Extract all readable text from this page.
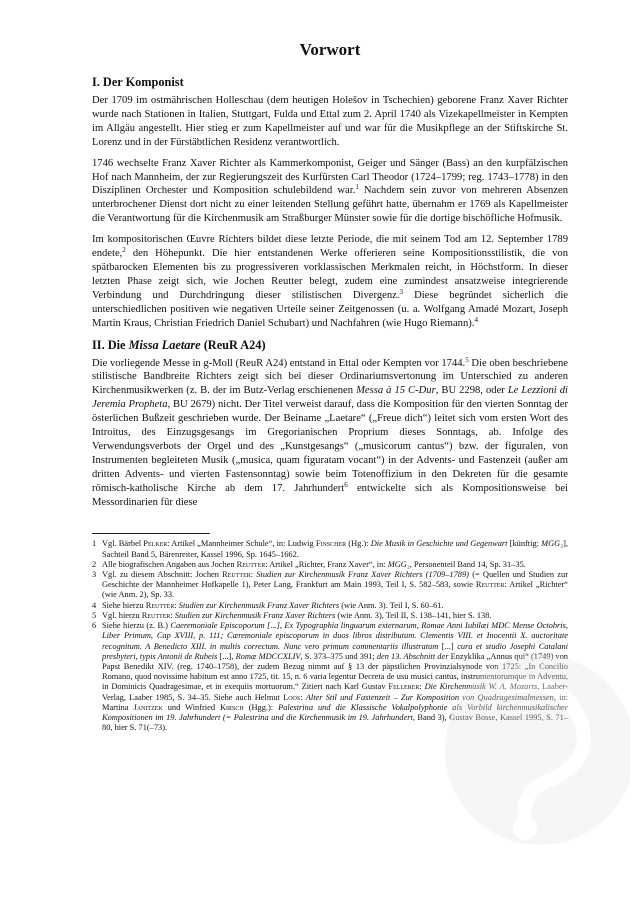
Vorwort
I. Der Komponist

Der 1709 im ostmährischen Holleschau (dem heutigen Holešov in Tschechien) geborene Franz Xaver Richter wurde nach Stationen in Italien, Stuttgart, Fulda und Ettal zum 2. April 1740 als Vizekapellmeister in Kempten im Allgäu angestellt. Hier stieg er zum Kapellmeister auf und war für die Musikpflege an der Stiftskirche St. Lorenz und in der Fürstäbtlichen Residenz verantwortlich.

1746 wechselte Franz Xaver Richter als Kammerkomponist, Geiger und Sänger (Bass) an den kurpfälzischen Hof nach Mannheim, der zur Regierungszeit des Kurfürsten Carl Theodor (1724–1799; reg. 1743–1778) in den Disziplinen Orchester und Komposition schulebildend war.$^1$ Nachdem sein zuvor von mehreren Absenzen unterbrochener Dienst dort nicht zu einer leitenden Stellung geführt hatte, übernahm er 1769 als Kapellmeister die Verantwortung für die Kirchenmusik am Straßburger Münster sowie für die dortige bischöfliche Hofmusik.

Im kompositorischen Œuvre Richters bildet diese letzte Periode, die mit seinem Tod am 12. September 1789 endete,$^2$ den Höhepunkt. Die hier entstandenen Werke offerieren seine Kompositionsstilistik, die von spätbarocken Elementen bis zu progressiveren vorklassischen Merkmalen reicht, in Höchstform. In dieser letzten Phase zeigt sich, wie Jochen Reutter belegt, zudem eine zumindest ansatzweise integrierende Verbindung und Durchdringung dieser stilistischen Divergenz.$^3$ Diese begründet sicherlich die unterschiedlichen positiven wie negativen Urteile seiner Zeitgenossen (u. a. Wolfgang Amadé Mozart, Joseph Martin Kraus, Christian Friedrich Daniel Schubart) und Nachfahren (wie Hugo Riemann).$^4$

II. Die Missa Laetare (ReuR A24)

Die vorliegende Messe in g-Moll (ReuR A24) entstand in Ettal oder Kempten vor 1744.$^5$ Die oben beschriebene stilistische Bandbreite Richters zeigt sich bei dieser Ordinariumsvertonung im Unterschied zu anderen Kirchenmusikwerken (z. B. der im Butz-Verlag erschienenen Messa à 15 C-Dur, BU 2298, oder Le Lezzioni di Jeremia Propheta, BU 2679) nicht. Der Titel verweist darauf, dass die Komposition für den vierten Sonntag der österlichen Bußzeit geschrieben wurde. Der Beiname „Laetare“ („Freue dich“) leitet sich vom ersten Wort des Introitus, des Einzugsgesangs im Gregorianischen Proprium dieses Sonntags, ab. Infolge des Verwendungsverbots der Orgel und des „Kunstgesangs“ („musicorum cantus“) bzw. der figuralen, von Instrumenten begleiteten Musik („musica, quam figuratam vocant“) in der Advents- und Fastenzeit (außer am dritten Advents- und vierten Fastensonntag) sowie beim Totenoffizium in den Dekreten für die gesamte römisch-katholische Kirche ab dem 17. Jahrhundert$^6$ entwickelte sich als Kompositionsweise bei Messordinarien für diese

1 Vgl. Bärbel Pelker: Artikel „Mannheimer Schule“, in: Ludwig Finscher (Hg.): Die Musik in Geschichte und Gegenwart [künftig: MGG₂], Sachteil Band 5, Bärenreiter, Kassel 1996, Sp. 1645–1662.
2 Alle biografischen Angaben aus Jochen Reutter: Artikel „Richter, Franz Xaver“, in: MGG₂, Personenteil Band 14, Sp. 31–35.
3 Vgl. zu diesem Abschnitt: Jochen Reutter: Studien zur Kirchenmusik Franz Xaver Richters (1709–1789) (= Quellen und Studien zur Geschichte der Mannheimer Hofkapelle 1), Peter Lang, Frankfurt am Main 1993, Teil I, S. 582–583, sowie Reutter: Artikel „Richter“ (wie Anm. 2), Sp. 33.
4 Siehe hierzu Reutter: Studien zur Kirchenmusik Franz Xaver Richters (wie Anm. 3). Teil I, S. 60–61.
5 Vgl. hierzu Reutter: Studien zur Kirchenmusik Franz Xaver Richters (wie Anm. 3), Teil II, S. 138–141, hier S. 138.
6 Siehe hierzu (z. B.) Caeremoniale Episcoporum [...], Ex Typographia linguarum externarum, Romae Anni Iubilæi MDC Mense Octobris, Liber Primum, Cap XVIII, p. 111; Cæremoniale episcoporum in duos libros distributum. Clementis VIII. et Inocentii X. auctoritate recognitum. A Benedicto XIII. in multis correctum. Nunc vero primum commentariis illustratum [...] cura et studio Josephi Catalani presbyteri, typis Antonii de Rubeis [...], Romæ MDCCXLIV, S. 373–375 und 391; den 13. Abschnitt der Enzyklika „Annus qui“ (1749) von Papst Benedikt XIV. (reg. 1740–1758), der zudem Bezug nimmt auf § 13 der päpstlichen Provinzialsynode von 1725: „In Concilio Romano, quod novissime habitum est anno 1725, tit. 15, n. 6 varia legentur Decreta de usu musici cantus, instrumentorumque in Adventu, in Dominicis Quadragesimae, et in exequiis mortuorum.“ Zitiert nach Karl Gustav Fellerer: Die Kirchenmusik W. A. Mozarts, Laaber-Verlag, Laaber 1985, S. 34–35. Siehe auch Helmut Loos: Alter Stil und Fastenzeit – Zur Komposition von Quadragesimalmessen, in: Martina Janitzek und Winfried Kirsch (Hgg.): Palestrina und die Klassische Vokalpolyphonie als Vorbild kirchenmusikalischer Kompositionen im 19. Jahrhundert (= Palestrina und die Kirchenmusik im 19. Jahrhundert, Band 3), Gustav Bosse, Kassel 1995, S. 71–80, hier S. 71(–73).
